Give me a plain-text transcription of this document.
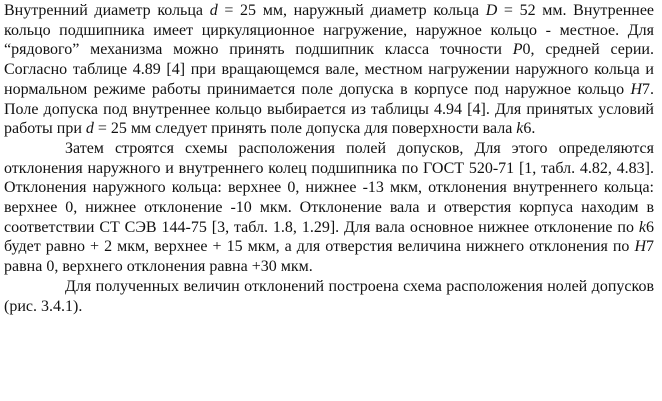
Внутренний диаметр кольца d = 25 мм, наружный диаметр кольца D = 52 мм. Внутреннее кольцо подшипника имеет циркуляционное нагружение, наружное кольцо - местное. Для “рядового” механизма можно принять подшипник класса точности P0, средней серии. Согласно таблице 4.89 [4] при вращающемся вале, местном нагружении наружного кольца и нормальном режиме работы принимается поле допуска в корпусе под наружное кольцо H7. Поле допуска под внутреннее кольцо выбирается из таблицы 4.94 [4]. Для принятых условий работы при d = 25 мм следует принять поле допуска для поверхности вала k6.

Затем строятся схемы расположения полей допусков, Для этого определяются отклонения наружного и внутреннего колец подшипника по ГОСТ 520-71 [1, табл. 4.82, 4.83]. Отклонения наружного кольца: верхнее 0, нижнее -13 мкм, отклонения внутреннего кольца: верхнее 0, нижнее отклонение -10 мкм. Отклонение вала и отверстия корпуса находим в соответствии СТ СЭВ 144-75 [3, табл. 1.8, 1.29]. Для вала основное нижнее отклонение по k6 будет равно + 2 мкм, верхнее + 15 мкм, а для отверстия величина нижнего отклонения по H7 равна 0, верхнего отклонения равна +30 мкм.

Для полученных величин отклонений построена схема расположения нолей допусков (рис. 3.4.1).
